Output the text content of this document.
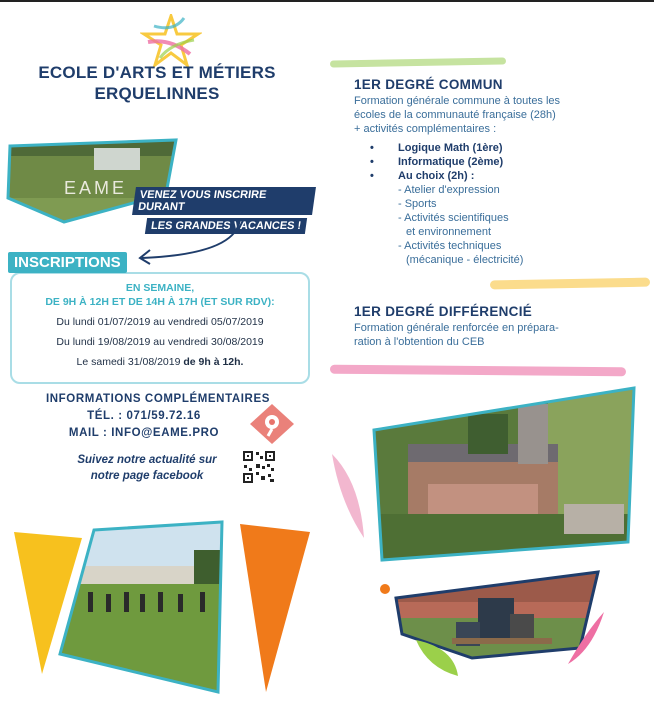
ECOLE D'ARTS ET MÉTIERS
ERQUELINNES
EAME	VENEZ VOUS INSCRIRE DURANT
LES GRANDES VACANCES !
EN SEMAINE,
DE 9H À 12H ET DE 14H À 17H (ET SUR RDV):
Du lundi 01/07/2019 au vendredi 05/07/2019
Du lundi 19/08/2019 au vendredi 30/08/2019
Le samedi 31/08/2019 de 9h à 12h.
INSCRIPTIONS
INFORMATIONS COMPLÉMENTAIRES
TÉL. : 071/59.72.16
MAIL : INFO@EAME.PRO
Suivez notre actualité sur
notre page facebook
1ER DEGRÉ COMMUN
Formation générale commune à toutes les
écoles de la communauté française (28h)
+ activités complémentaires :
• Logique Math (1ère)
• Informatique (2ème)
• Au choix (2h) :
- Atelier d'expression
- Sports
- Activités scientifiques
et environnement
- Activités techniques
(mécanique - électricité)
1ER DEGRÉ DIFFÉRENCIÉ
Formation générale renforcée en prépara-
ration à l'obtention du CEB
